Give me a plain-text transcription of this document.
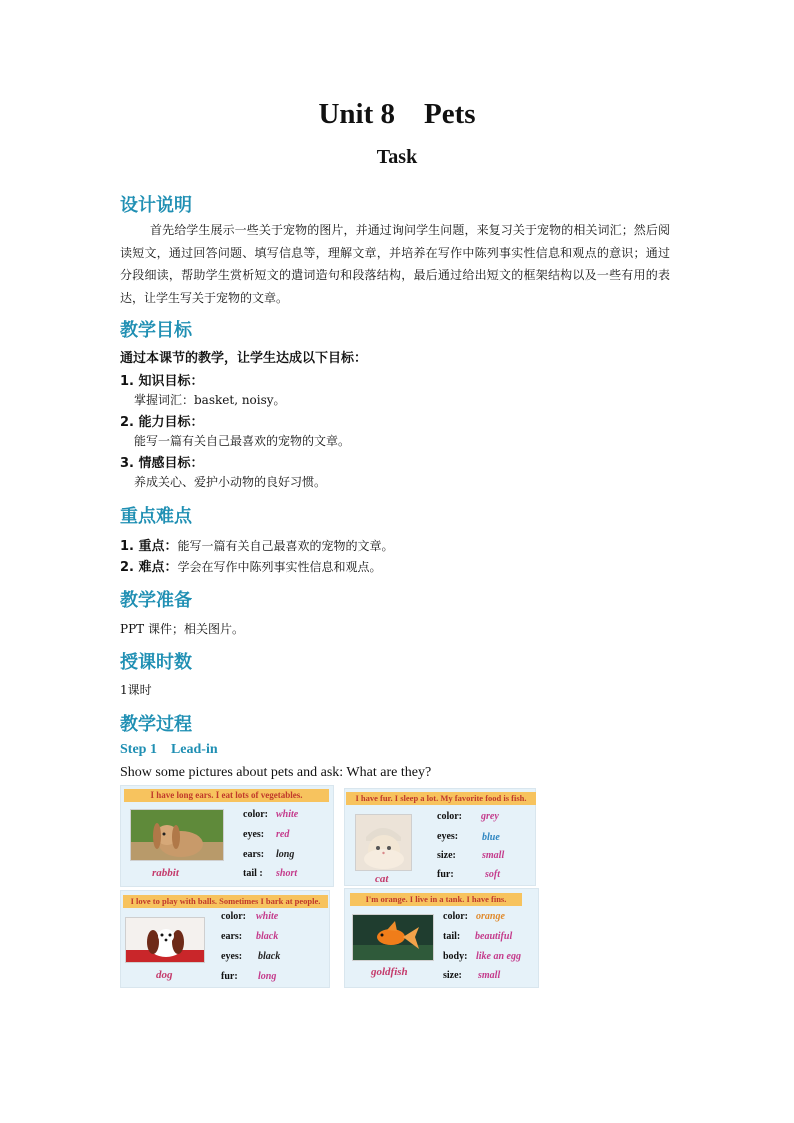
Unit 8    Pets
Task
设计说明
首先给学生展示一些关于宠物的图片，并通过询问学生问题，来复习关于宠物的相关词汇；然后阅读短文，通过回答问题、填写信息等，理解文章，并培养在写作中陈列事实性信息和观点的意识；通过分段细读，帮助学生赏析短文的遣词造句和段落结构，最后通过给出短文的框架结构以及一些有用的表达，让学生写关于宠物的文章。
教学目标
通过本课节的教学，让学生达成以下目标：
1. 知识目标：
掌握词汇：basket, noisy。
2. 能力目标：
能写一篇有关自己最喜欢的宠物的文章。
3. 情感目标：
养成关心、爱护小动物的良好习惯。
重点难点
1. 重点：能写一篇有关自己最喜欢的宠物的文章。
2. 难点：学会在写作中陈列事实性信息和观点。
教学准备
PPT 课件；相关图片。
授课时数
1课时
教学过程
Step 1 Lead-in
Show some pictures about pets and ask: What are they?
I have long ears. I eat lots of vegetables.
rabbit
color: white
eyes: red
ears: long
tail : short
I have fur. I sleep a lot. My favorite food is fish.
cat
color: grey
eyes: blue
size:	small
fur:	soft
I love to play with balls. Sometimes I bark at people.
dog
color: white
ears: black
eyes: black
fur: long
I'm orange. I live in a tank. I have fins.
goldfish
color: orange
tail: beautiful
body: like an egg
size: small
